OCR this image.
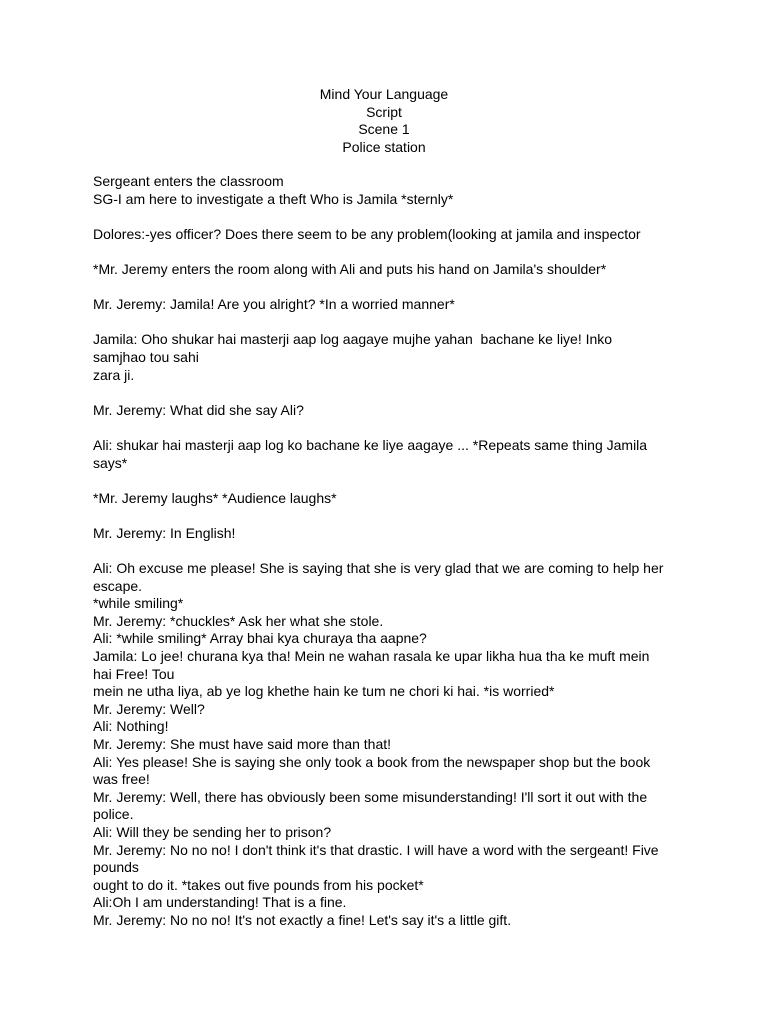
Mind Your Language
Script
Scene 1
Police station
Sergeant enters the classroom
SG-I am here to investigate a theft Who is Jamila *sternly*
Dolores:-yes officer? Does there seem to be any problem(looking at jamila and inspector
*Mr. Jeremy enters the room along with Ali and puts his hand on Jamila's shoulder*
Mr. Jeremy: Jamila! Are you alright? *In a worried manner*
Jamila: Oho shukar hai masterji aap log aagaye mujhe yahan  bachane ke liye! Inko
samjhao tou sahi
zara ji.
Mr. Jeremy: What did she say Ali?
Ali: shukar hai masterji aap log ko bachane ke liye aagaye ... *Repeats same thing Jamila
says*
*Mr. Jeremy laughs* *Audience laughs*
Mr. Jeremy: In English!
Ali: Oh excuse me please! She is saying that she is very glad that we are coming to help her
escape.
*while smiling*
Mr. Jeremy: *chuckles* Ask her what she stole.
Ali: *while smiling* Array bhai kya churaya tha aapne?
Jamila: Lo jee! churana kya tha! Mein ne wahan rasala ke upar likha hua tha ke muft mein
hai Free! Tou
mein ne utha liya, ab ye log khethe hain ke tum ne chori ki hai. *is worried*
Mr. Jeremy: Well?
Ali: Nothing!
Mr. Jeremy: She must have said more than that!
Ali: Yes please! She is saying she only took a book from the newspaper shop but the book
was free!
Mr. Jeremy: Well, there has obviously been some misunderstanding! I'll sort it out with the
police.
Ali: Will they be sending her to prison?
Mr. Jeremy: No no no! I don't think it's that drastic. I will have a word with the sergeant! Five
pounds
ought to do it. *takes out five pounds from his pocket*
Ali:Oh I am understanding! That is a fine.
Mr. Jeremy: No no no! It's not exactly a fine! Let's say it's a little gift.
